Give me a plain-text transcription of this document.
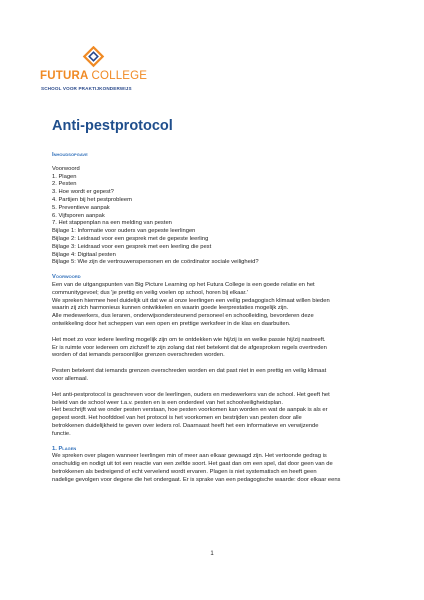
FUTURA COLLEGE
SCHOOL VOOR PRAKTIJKONDERWIJS
Anti-pestprotocol
Inhoudsopgave
Voorwoord
1. Plagen
2. Pesten
3. Hoe wordt er gepest?
4. Partijen bij het pestprobleem
5. Preventieve aanpak
6. Vijfsporen aanpak
7. Het stappenplan na een melding van pesten
Bijlage 1: Informatie voor ouders van gepeste leerlingen
Bijlage 2: Leidraad voor een gesprek met de gepeste leerling
Bijlage 3: Leidraad voor een gesprek met een leerling die pest
Bijlage 4: Digitaal pesten
Bijlage 5: Wie zijn de vertrouwenspersonen en de coördinator sociale veiligheid?
Voorwoord

Een van de uitgangspunten van Big Picture Learning op het Futura College is een goede relatie en het
communitygevoel; dus 'je prettig en veilig voelen op school, horen bij elkaar.'
We spreken hiermee heel duidelijk uit dat we al onze leerlingen een veilig pedagogisch klimaat willen bieden
waarin zij zich harmonieus kunnen ontwikkelen en waarin goede leerprestaties mogelijk zijn.
Alle medewerkers, dus leraren, onderwijsondersteunend personeel en schoolleiding, bevorderen deze
ontwikkeling door het scheppen van een open en prettige werksfeer in de klas en daarbuiten.

Het moet zo voor iedere leerling mogelijk zijn om te ontdekken wie hij/zij is en welke passie hij/zij nastreeft.
Er is ruimte voor iedereen om zichzelf te zijn zolang dat niet betekent dat de afgesproken regels overtreden
worden of dat iemands persoonlijke grenzen overschreden worden.

Pesten betekent dat iemands grenzen overschreden worden en dat past niet in een prettig en veilig klimaat
voor allemaal.

Het anti-pestprotocol is geschreven voor de leerlingen, ouders en medewerkers van de school. Het geeft het
beleid van de school weer t.a.v. pesten en is een onderdeel van het schoolveiligheidsplan.
Het beschrijft wat we onder pesten verstaan, hoe pesten voorkomen kan worden en wat de aanpak is als er
gepest wordt. Het hoofddoel van het protocol is het voorkomen en bestrijden van pesten door alle
betrokkenen duidelijkheid te geven over ieders rol. Daarnaast heeft het een informatieve en verwijzende
functie.

1. Plagen

We spreken over plagen wanneer leerlingen min of meer aan elkaar gewaagd zijn. Het vertoonde gedrag is
onschuldig en nodigt uit tot een reactie van een zelfde soort. Het gaat dan om een spel, dat door geen van de
betrokkenen als bedreigend of echt vervelend wordt ervaren. Plagen is niet systematisch en heeft geen
nadelige gevolgen voor degene die het ondergaat. Er is sprake van een pedagogische waarde: door elkaar eens

1
